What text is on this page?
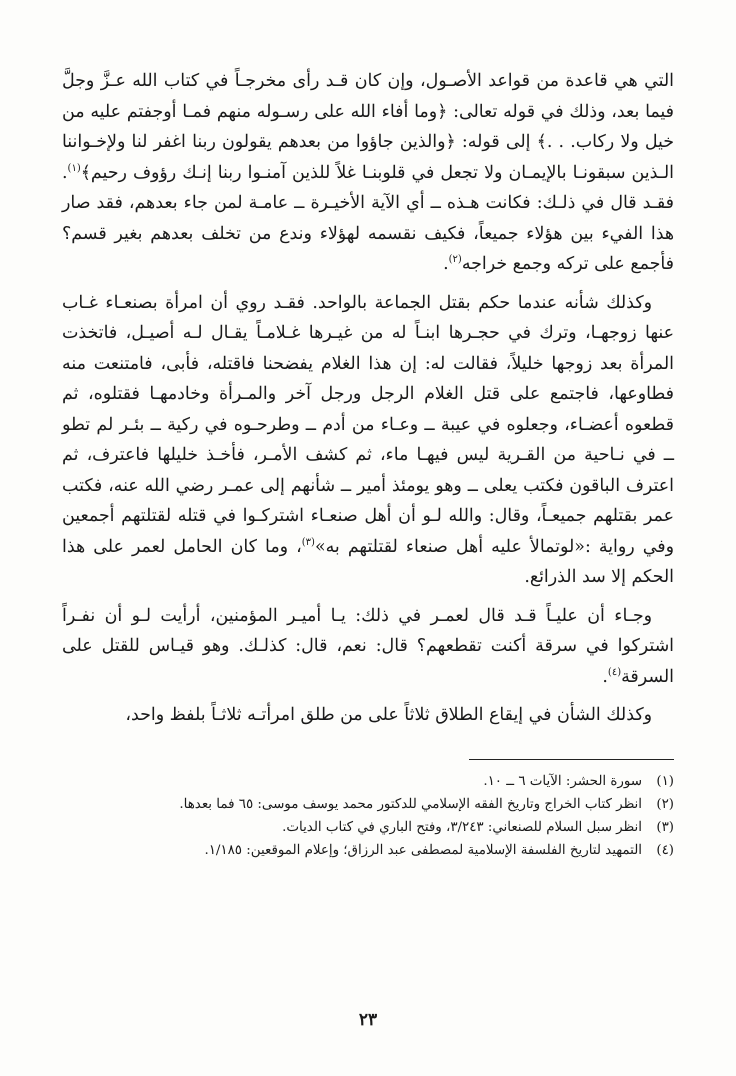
التي هي قاعدة من قواعد الأصـول، وإن كان قـد رأى مخرجـاً في كتاب الله عـزَّ وجلَّ فيما بعد، وذلك في قوله تعالى: ﴿وما أفاء الله على رسـوله منهم فمـا أوجفتم عليه من خيل ولا ركاب. . .﴾ إلى قوله: ﴿والذين جاؤوا من بعدهم يقولون ربنا اغفر لنا ولإخـواننا الـذين سبقونـا بالإيمـان ولا تجعل في قلوبنـا غلاً للذين آمنـوا ربنا إنـك رؤوف رحيم﴾$^{(١)}$. فقـد قال في ذلـك: فكانت هـذه ــ أي الآية الأخيـرة ــ عامـة لمن جاء بعدهم، فقد صار هذا الفيء بين هؤلاء جميعاً، فكيف نقسمه لهؤلاء وندع من تخلف بعدهم بغير قسم؟ فأجمع على تركه وجمع خراجه$^{(٢)}$.

وكذلك شأنه عندما حكم بقتل الجماعة بالواحد. فقـد روي أن امرأة بصنعـاء غـاب عنها زوجهـا، وترك في حجـرها ابنـاً له من غيـرها غـلامـاً يقـال لـه أصيـل، فاتخذت المرأة بعد زوجها خليلاً، فقالت له: إن هذا الغلام يفضحنا فاقتله، فأبى، فامتنعت منه فطاوعها، فاجتمع على قتل الغلام الرجل ورجل آخر والمـرأة وخادمهـا فقتلوه، ثم قطعوه أعضـاء، وجعلوه في عيبة ــ وعـاء من أدم ــ وطرحـوه في ركية ــ بئـر لم تطو ــ في نـاحية من القـرية ليس فيهـا ماء، ثم كشف الأمـر، فأخـذ خليلها فاعترف، ثم اعترف الباقون فكتب يعلى ــ وهو يومئذ أمير ــ شأنهم إلى عمـر رضي الله عنه، فكتب عمر بقتلهم جميعـاً، وقال: والله لـو أن أهل صنعـاء اشتركـوا في قتله لقتلتهم أجمعين وفي رواية :«لوتمالأ عليه أهل صنعاء لقتلتهم به»$^{(٣)}$، وما كان الحامل لعمر على هذا الحكم إلا سد الذرائع.

وجـاء أن عليـاً قـد قال لعمـر في ذلك: يـا أميـر المؤمنين، أرأيت لـو أن نفـراً اشتركوا في سرقة أكنت تقطعهم؟ قال: نعم، قال: كذلـك. وهو قيـاس للقتل على السرقة$^{(٤)}$.

وكذلك الشأن في إيقاع الطلاق ثلاثاً على من طلق امرأتـه ثلاثـاً بلفظ واحد،

(١)
سورة الحشر: الآيات ٦ ــ ١٠.
(٢)
انظر كتاب الخراج وتاريخ الفقه الإسلامي للدكتور محمد يوسف موسى: ٦٥ فما بعدها.
(٣)
انظر سبل السلام للصنعاني: ٣/٢٤٣، وفتح الباري في كتاب الديات.
(٤)
التمهيد لتاريخ الفلسفة الإسلامية لمصطفى عبد الرزاق؛ وإعلام الموقعين: ١/١٨٥.
٢٣
